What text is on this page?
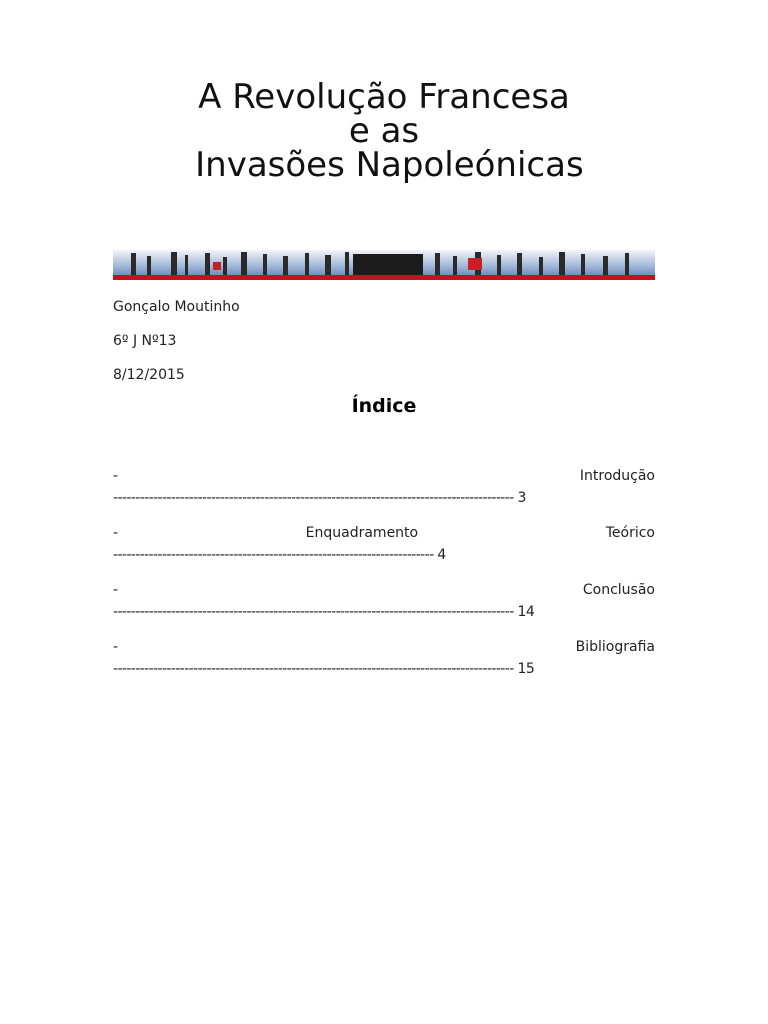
A Revolução Francesa
e as
Invasões Napoleónicas
Gonçalo Moutinho
6º J Nº13
8/12/2015
Índice
-	Introdução
------------------------------------------------------------------------------------------ 3
-	Enquadramento	Teórico
------------------------------------------------------------------------ 4
-	Conclusão
------------------------------------------------------------------------------------------ 14
-	Bibliografia
------------------------------------------------------------------------------------------ 15
